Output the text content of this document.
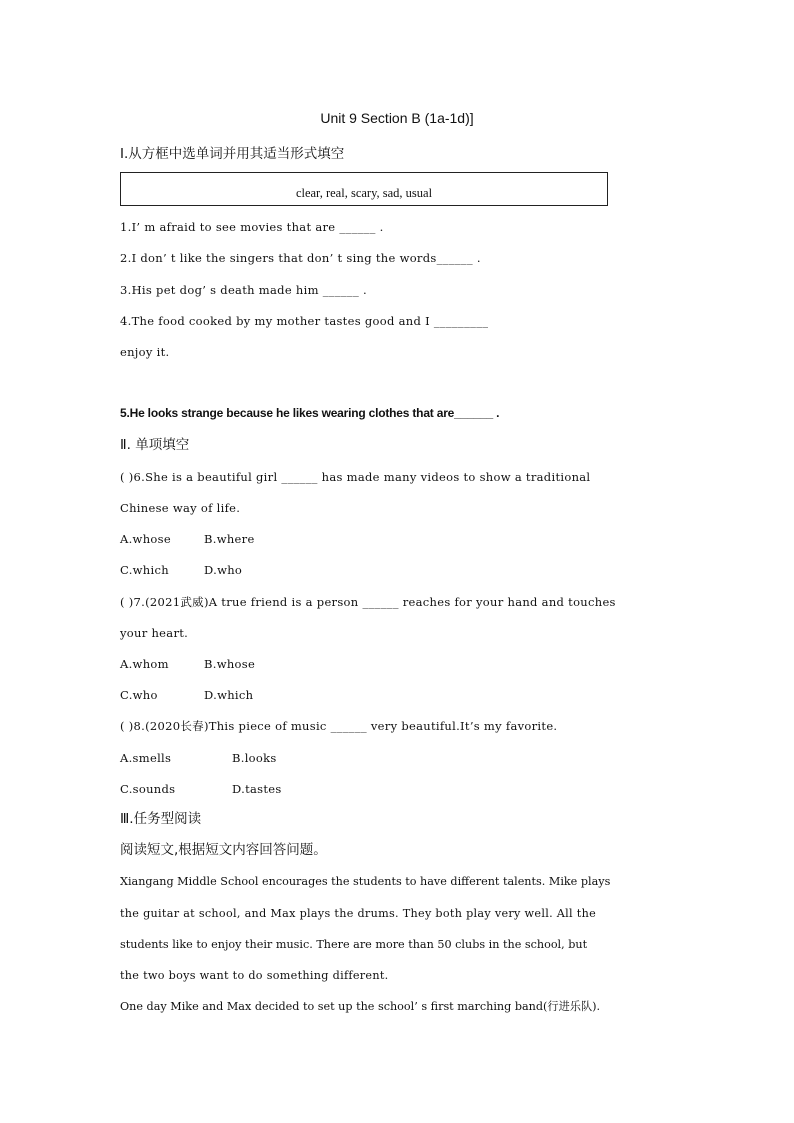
Unit 9 Section B (1a-1d)]
Ⅰ.从方框中选单词并用其适当形式填空
clear, real, scary, sad, usual
1.I’ m afraid to see movies that are ______ .
2.I don’ t like the singers that don’ t sing the words______ .
3.His pet dog’ s death made him ______ .
4.The food cooked by my mother tastes good and I _________
enjoy it.
5.He looks strange because he likes wearing clothes that are______ .
Ⅱ. 单项填空
( )6.She is a beautiful girl ______ has made many videos to show a traditional
Chinese way of life.
A.whose	B.where
C.which	D.who
( )7.(2021武威)A true friend is a person ______ reaches for your hand and touches
your heart.
A.whom	B.whose
C.who	D.which
( )8.(2020长春)This piece of music ______ very beautiful.It’s my favorite.
A.smells	B.looks
C.sounds	D.tastes
Ⅲ.任务型阅读
阅读短文,根据短文内容回答问题。
Xiangang Middle School encourages the students to have different talents. Mike plays
the guitar at school, and Max plays the drums. They both play very well. All the
students like to enjoy their music. There are more than 50 clubs in the school, but
the two boys want to do something different.
One day Mike and Max decided to set up the school’ s first marching band(行进乐队).
